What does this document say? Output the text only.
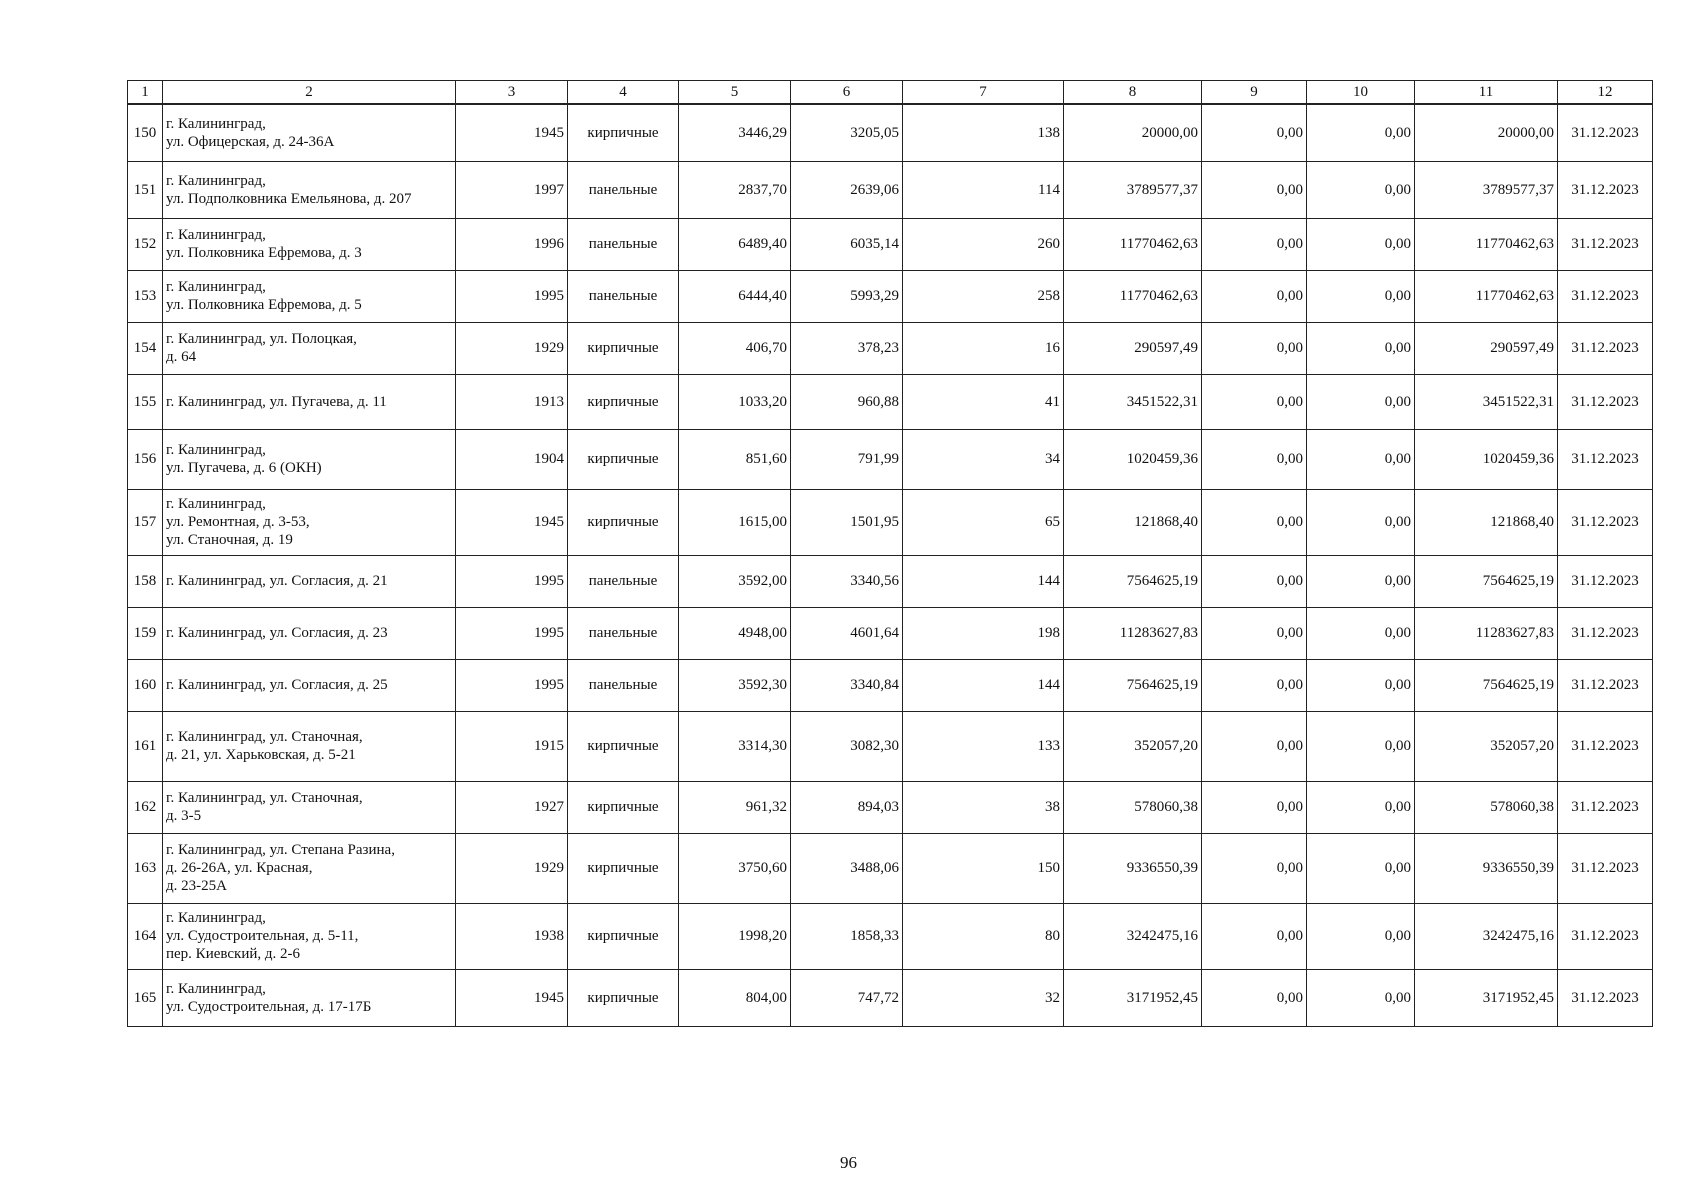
1	2	3	4	5	6	7	8	9	10	11	12
150	г. Калининград,
ул. Офицерская, д. 24-36А	1945	кирпичные	3446,29	3205,05	138	20000,00	0,00	0,00	20000,00	31.12.2023
151	г. Калининград,
ул. Подполковника Емельянова, д. 207	1997	панельные	2837,70	2639,06	114	3789577,37	0,00	0,00	3789577,37	31.12.2023
152	г. Калининград,
ул. Полковника Ефремова, д. 3	1996	панельные	6489,40	6035,14	260	11770462,63	0,00	0,00	11770462,63	31.12.2023
153	г. Калининград,
ул. Полковника Ефремова, д. 5	1995	панельные	6444,40	5993,29	258	11770462,63	0,00	0,00	11770462,63	31.12.2023
154	г. Калининград, ул. Полоцкая,
д. 64	1929	кирпичные	406,70	378,23	16	290597,49	0,00	0,00	290597,49	31.12.2023
155	г. Калининград, ул. Пугачева, д. 11	1913	кирпичные	1033,20	960,88	41	3451522,31	0,00	0,00	3451522,31	31.12.2023
156	г. Калининград,
ул. Пугачева, д. 6 (ОКН)	1904	кирпичные	851,60	791,99	34	1020459,36	0,00	0,00	1020459,36	31.12.2023
157	г. Калининград,
ул. Ремонтная, д. 3-53,
ул. Станочная, д. 19	1945	кирпичные	1615,00	1501,95	65	121868,40	0,00	0,00	121868,40	31.12.2023
158	г. Калининград, ул. Согласия, д. 21	1995	панельные	3592,00	3340,56	144	7564625,19	0,00	0,00	7564625,19	31.12.2023
159	г. Калининград, ул. Согласия, д. 23	1995	панельные	4948,00	4601,64	198	11283627,83	0,00	0,00	11283627,83	31.12.2023
160	г. Калининград, ул. Согласия, д. 25	1995	панельные	3592,30	3340,84	144	7564625,19	0,00	0,00	7564625,19	31.12.2023
161	г. Калининград, ул. Станочная,
д. 21, ул. Харьковская, д. 5-21	1915	кирпичные	3314,30	3082,30	133	352057,20	0,00	0,00	352057,20	31.12.2023
162	г. Калининград, ул. Станочная,
д. 3-5	1927	кирпичные	961,32	894,03	38	578060,38	0,00	0,00	578060,38	31.12.2023
163	г. Калининград, ул. Степана Разина,
д. 26-26А, ул. Красная,
д. 23-25А	1929	кирпичные	3750,60	3488,06	150	9336550,39	0,00	0,00	9336550,39	31.12.2023
164	г. Калининград,
ул. Судостроительная, д. 5-11,
пер. Киевский, д. 2-6	1938	кирпичные	1998,20	1858,33	80	3242475,16	0,00	0,00	3242475,16	31.12.2023
165	г. Калининград,
ул. Судостроительная, д. 17-17Б	1945	кирпичные	804,00	747,72	32	3171952,45	0,00	0,00	3171952,45	31.12.2023
96
